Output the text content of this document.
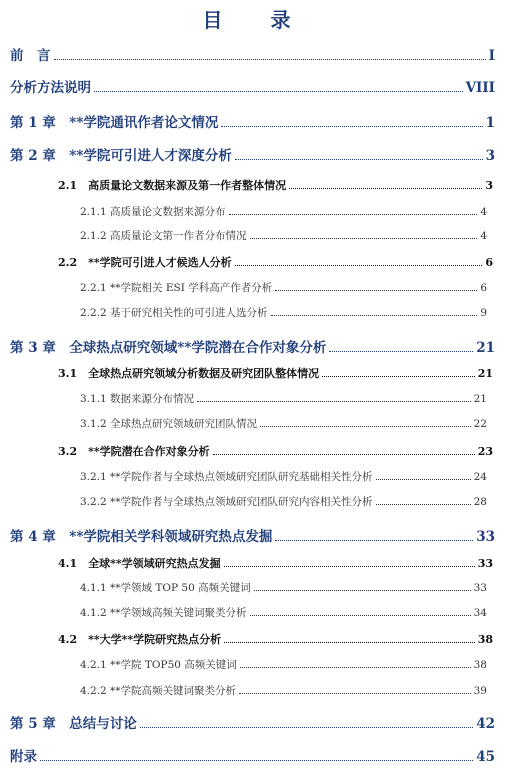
目　录
前　言	I
分析方法说明	VIII
第 1 章　**学院通讯作者论文情况	1
第 2 章　**学院可引进人才深度分析	3
2.1　高质量论文数据来源及第一作者整体情况	3
2.1.1 高质量论文数据来源分布	4
2.1.2 高质量论文第一作者分布情况	4
2.2　**学院可引进人才候选人分析	6
2.2.1 **学院相关 ESI 学科高产作者分析	6
2.2.2 基于研究相关性的可引进人选分析	9
第 3 章　全球热点研究领域**学院潜在合作对象分析	21
3.1　全球热点研究领域分析数据及研究团队整体情况	21
3.1.1 数据来源分布情况	21
3.1.2 全球热点研究领域研究团队情况	22
3.2　**学院潜在合作对象分析	23
3.2.1 **学院作者与全球热点领域研究团队研究基础相关性分析	24
3.2.2 **学院作者与全球热点领域研究团队研究内容相关性分析	28
第 4 章　**学院相关学科领域研究热点发掘	33
4.1　全球**学领域研究热点发掘	33
4.1.1 **学领域 TOP 50 高频关键词	33
4.1.2 **学领域高频关键词聚类分析	34
4.2　**大学**学院研究热点分析	38
4.2.1 **学院 TOP50 高频关键词	38
4.2.2 **学院高频关键词聚类分析	39
第 5 章　总结与讨论	42
附录	45
